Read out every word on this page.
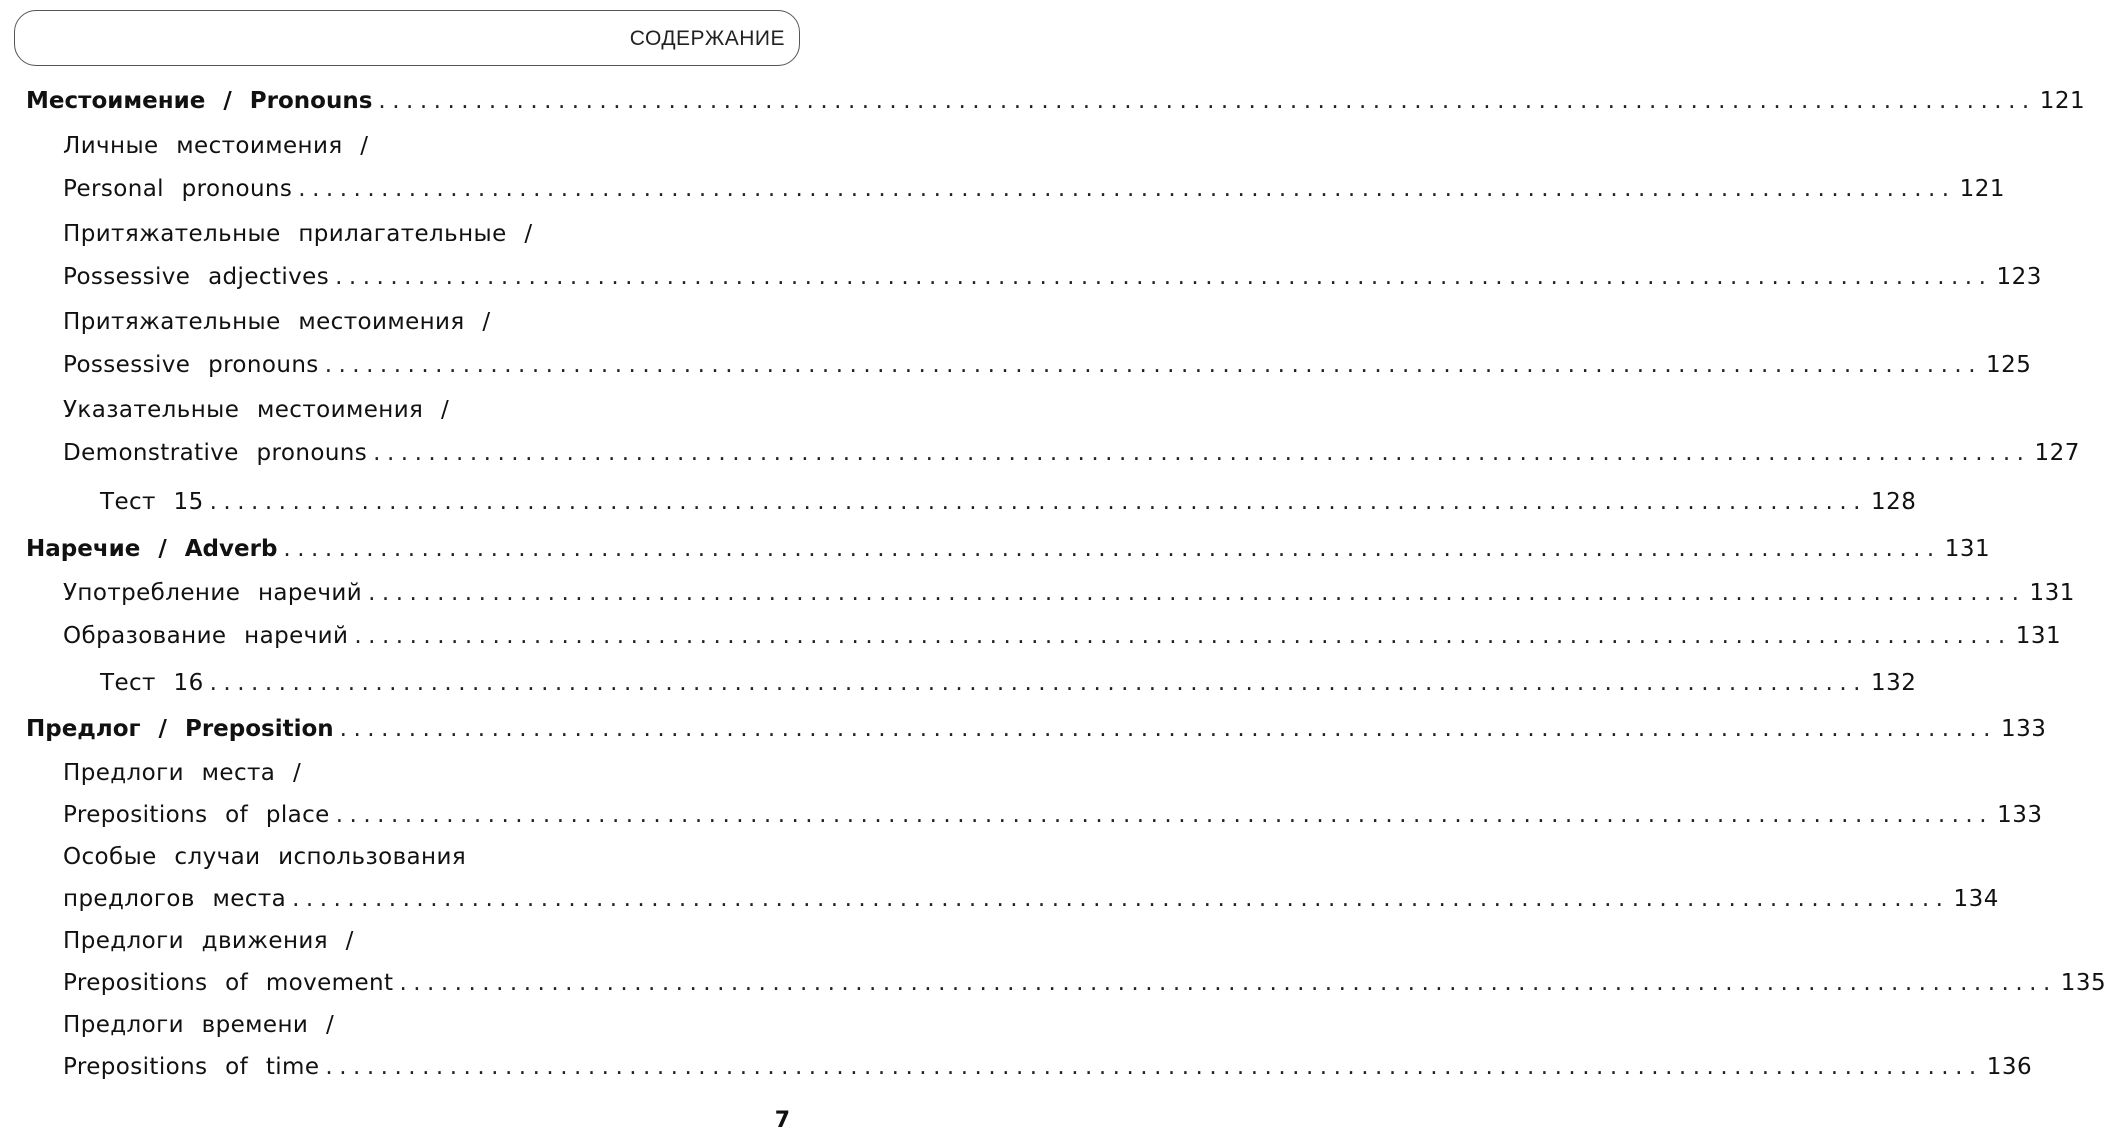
СОДЕРЖАНИЕ
Местоимение / Pronouns ........................................................................................................................ 121
Личные местоимения /
Personal pronouns ........................................................................................................................ 121
Притяжательные прилагательные /
Possessive adjectives ........................................................................................................................ 123
Притяжательные местоимения /
Possessive pronouns ........................................................................................................................ 125
Указательные местоимения /
Demonstrative pronouns ........................................................................................................................ 127
Тест 15 ........................................................................................................................ 128
Наречие / Adverb ........................................................................................................................ 131
Употребление наречий ........................................................................................................................ 131
Образование наречий ........................................................................................................................ 131
Тест 16 ........................................................................................................................ 132
Предлог / Preposition ........................................................................................................................ 133
Предлоги места /
Prepositions of place ........................................................................................................................ 133
Особые случаи использования
предлогов места ........................................................................................................................ 134
Предлоги движения /
Prepositions of movement ........................................................................................................................ 135
Предлоги времени /
Prepositions of time ........................................................................................................................ 136
7
